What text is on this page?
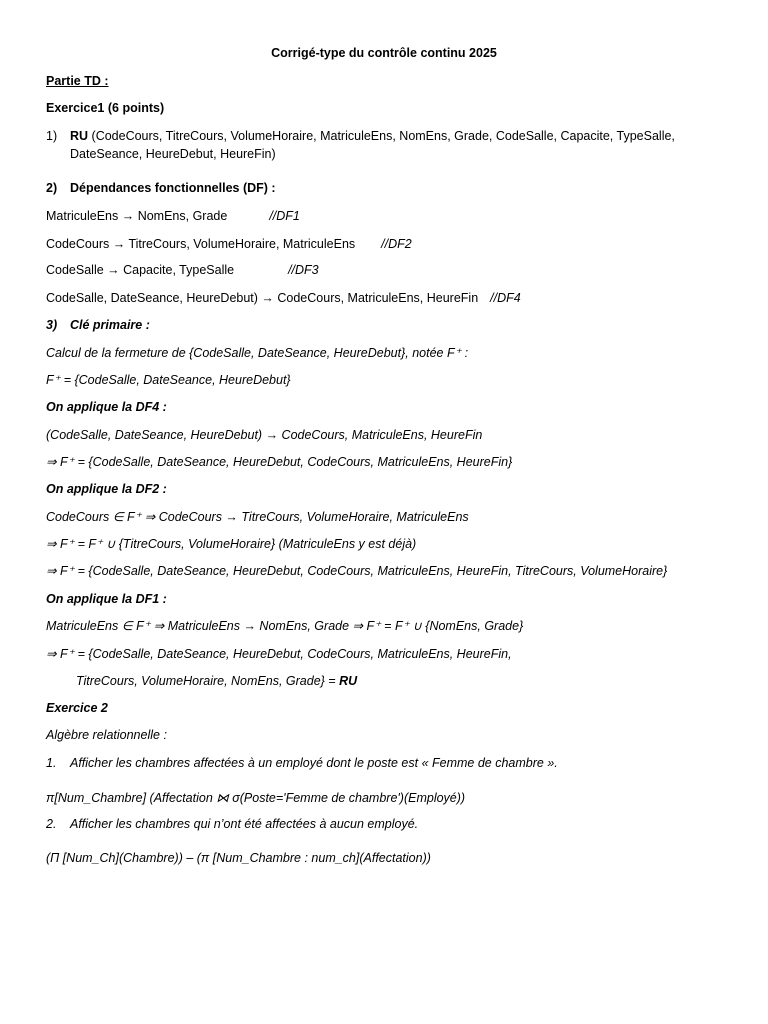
Corrigé-type du contrôle continu 2025
Partie TD :
Exercice1 (6 points)
1) RU (CodeCours, TitreCours, VolumeHoraire, MatriculeEns, NomEns, Grade, CodeSalle, Capacite, TypeSalle,
DateSeance, HeureDebut, HeureFin)
2) Dépendances fonctionnelles (DF) :
MatriculeEns → NomEns, Grade	//DF1
CodeCours → TitreCours, VolumeHoraire, MatriculeEns //DF2
CodeSalle → Capacite, TypeSalle	//DF3
CodeSalle, DateSeance, HeureDebut) → CodeCours, MatriculeEns, HeureFin //DF4
3) Clé primaire :
Calcul de la fermeture de {CodeSalle, DateSeance, HeureDebut}, notée F⁺ :
F⁺ = {CodeSalle, DateSeance, HeureDebut}
On applique la DF4 :
(CodeSalle, DateSeance, HeureDebut) → CodeCours, MatriculeEns, HeureFin
⇒ F⁺ = {CodeSalle, DateSeance, HeureDebut, CodeCours, MatriculeEns, HeureFin}
On applique la DF2 :
CodeCours ∈ F⁺ ⇒ CodeCours → TitreCours, VolumeHoraire, MatriculeEns
⇒ F⁺ = F⁺ ∪ {TitreCours, VolumeHoraire} (MatriculeEns y est déjà)
⇒ F⁺ = {CodeSalle, DateSeance, HeureDebut, CodeCours, MatriculeEns, HeureFin, TitreCours, VolumeHoraire}
On applique la DF1 :
MatriculeEns ∈ F⁺ ⇒ MatriculeEns → NomEns, Grade ⇒ F⁺ = F⁺ ∪ {NomEns, Grade}
⇒ F⁺ = {CodeSalle, DateSeance, HeureDebut, CodeCours, MatriculeEns, HeureFin,
TitreCours, VolumeHoraire, NomEns, Grade} = RU
Exercice 2
Algèbre relationnelle :
1. Afficher les chambres affectées à un employé dont le poste est « Femme de chambre ».
π[Num_Chambre] (Affectation ⋈ σ(Poste='Femme de chambre')(Employé))
2. Afficher les chambres qui n’ont été affectées à aucun employé.
(Π [Num_Ch](Chambre)) – (π [Num_Chambre : num_ch](Affectation))
